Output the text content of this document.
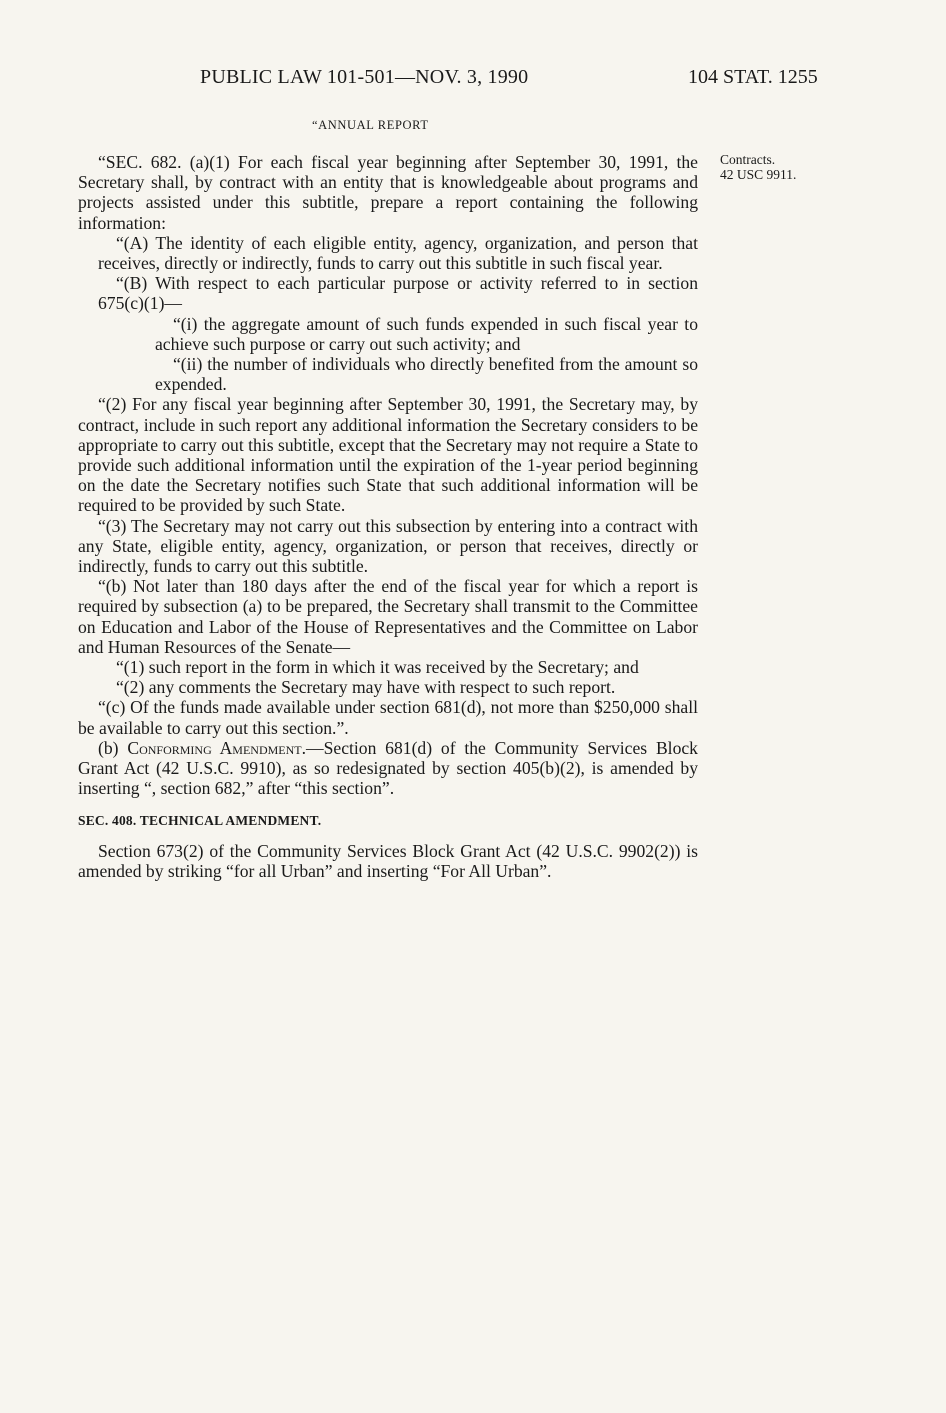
PUBLIC LAW 101-501—NOV. 3, 1990	104 STAT. 1255
“ANNUAL REPORT
Contracts.
42 USC 9911.

“SEC. 682. (a)(1) For each fiscal year beginning after September 30, 1991, the Secretary shall, by contract with an entity that is knowledgeable about programs and projects assisted under this subtitle, prepare a report containing the following information:

“(A) The identity of each eligible entity, agency, organization, and person that receives, directly or indirectly, funds to carry out this subtitle in such fiscal year.

“(B) With respect to each particular purpose or activity referred to in section 675(c)(1)—

“(i) the aggregate amount of such funds expended in such fiscal year to achieve such purpose or carry out such activity; and

“(ii) the number of individuals who directly benefited from the amount so expended.

“(2) For any fiscal year beginning after September 30, 1991, the Secretary may, by contract, include in such report any additional information the Secretary considers to be appropriate to carry out this subtitle, except that the Secretary may not require a State to provide such additional information until the expiration of the 1-year period beginning on the date the Secretary notifies such State that such additional information will be required to be provided by such State.

“(3) The Secretary may not carry out this subsection by entering into a contract with any State, eligible entity, agency, organization, or person that receives, directly or indirectly, funds to carry out this subtitle.

“(b) Not later than 180 days after the end of the fiscal year for which a report is required by subsection (a) to be prepared, the Secretary shall transmit to the Committee on Education and Labor of the House of Representatives and the Committee on Labor and Human Resources of the Senate—

“(1) such report in the form in which it was received by the Secretary; and

“(2) any comments the Secretary may have with respect to such report.

“(c) Of the funds made available under section 681(d), not more than $250,000 shall be available to carry out this section.”.

(b) Conforming Amendment.—Section 681(d) of the Community Services Block Grant Act (42 U.S.C. 9910), as so redesignated by section 405(b)(2), is amended by inserting “, section 682,” after “this section”.

SEC. 408. TECHNICAL AMENDMENT.

Section 673(2) of the Community Services Block Grant Act (42 U.S.C. 9902(2)) is amended by striking “for all Urban” and inserting “For All Urban”.
